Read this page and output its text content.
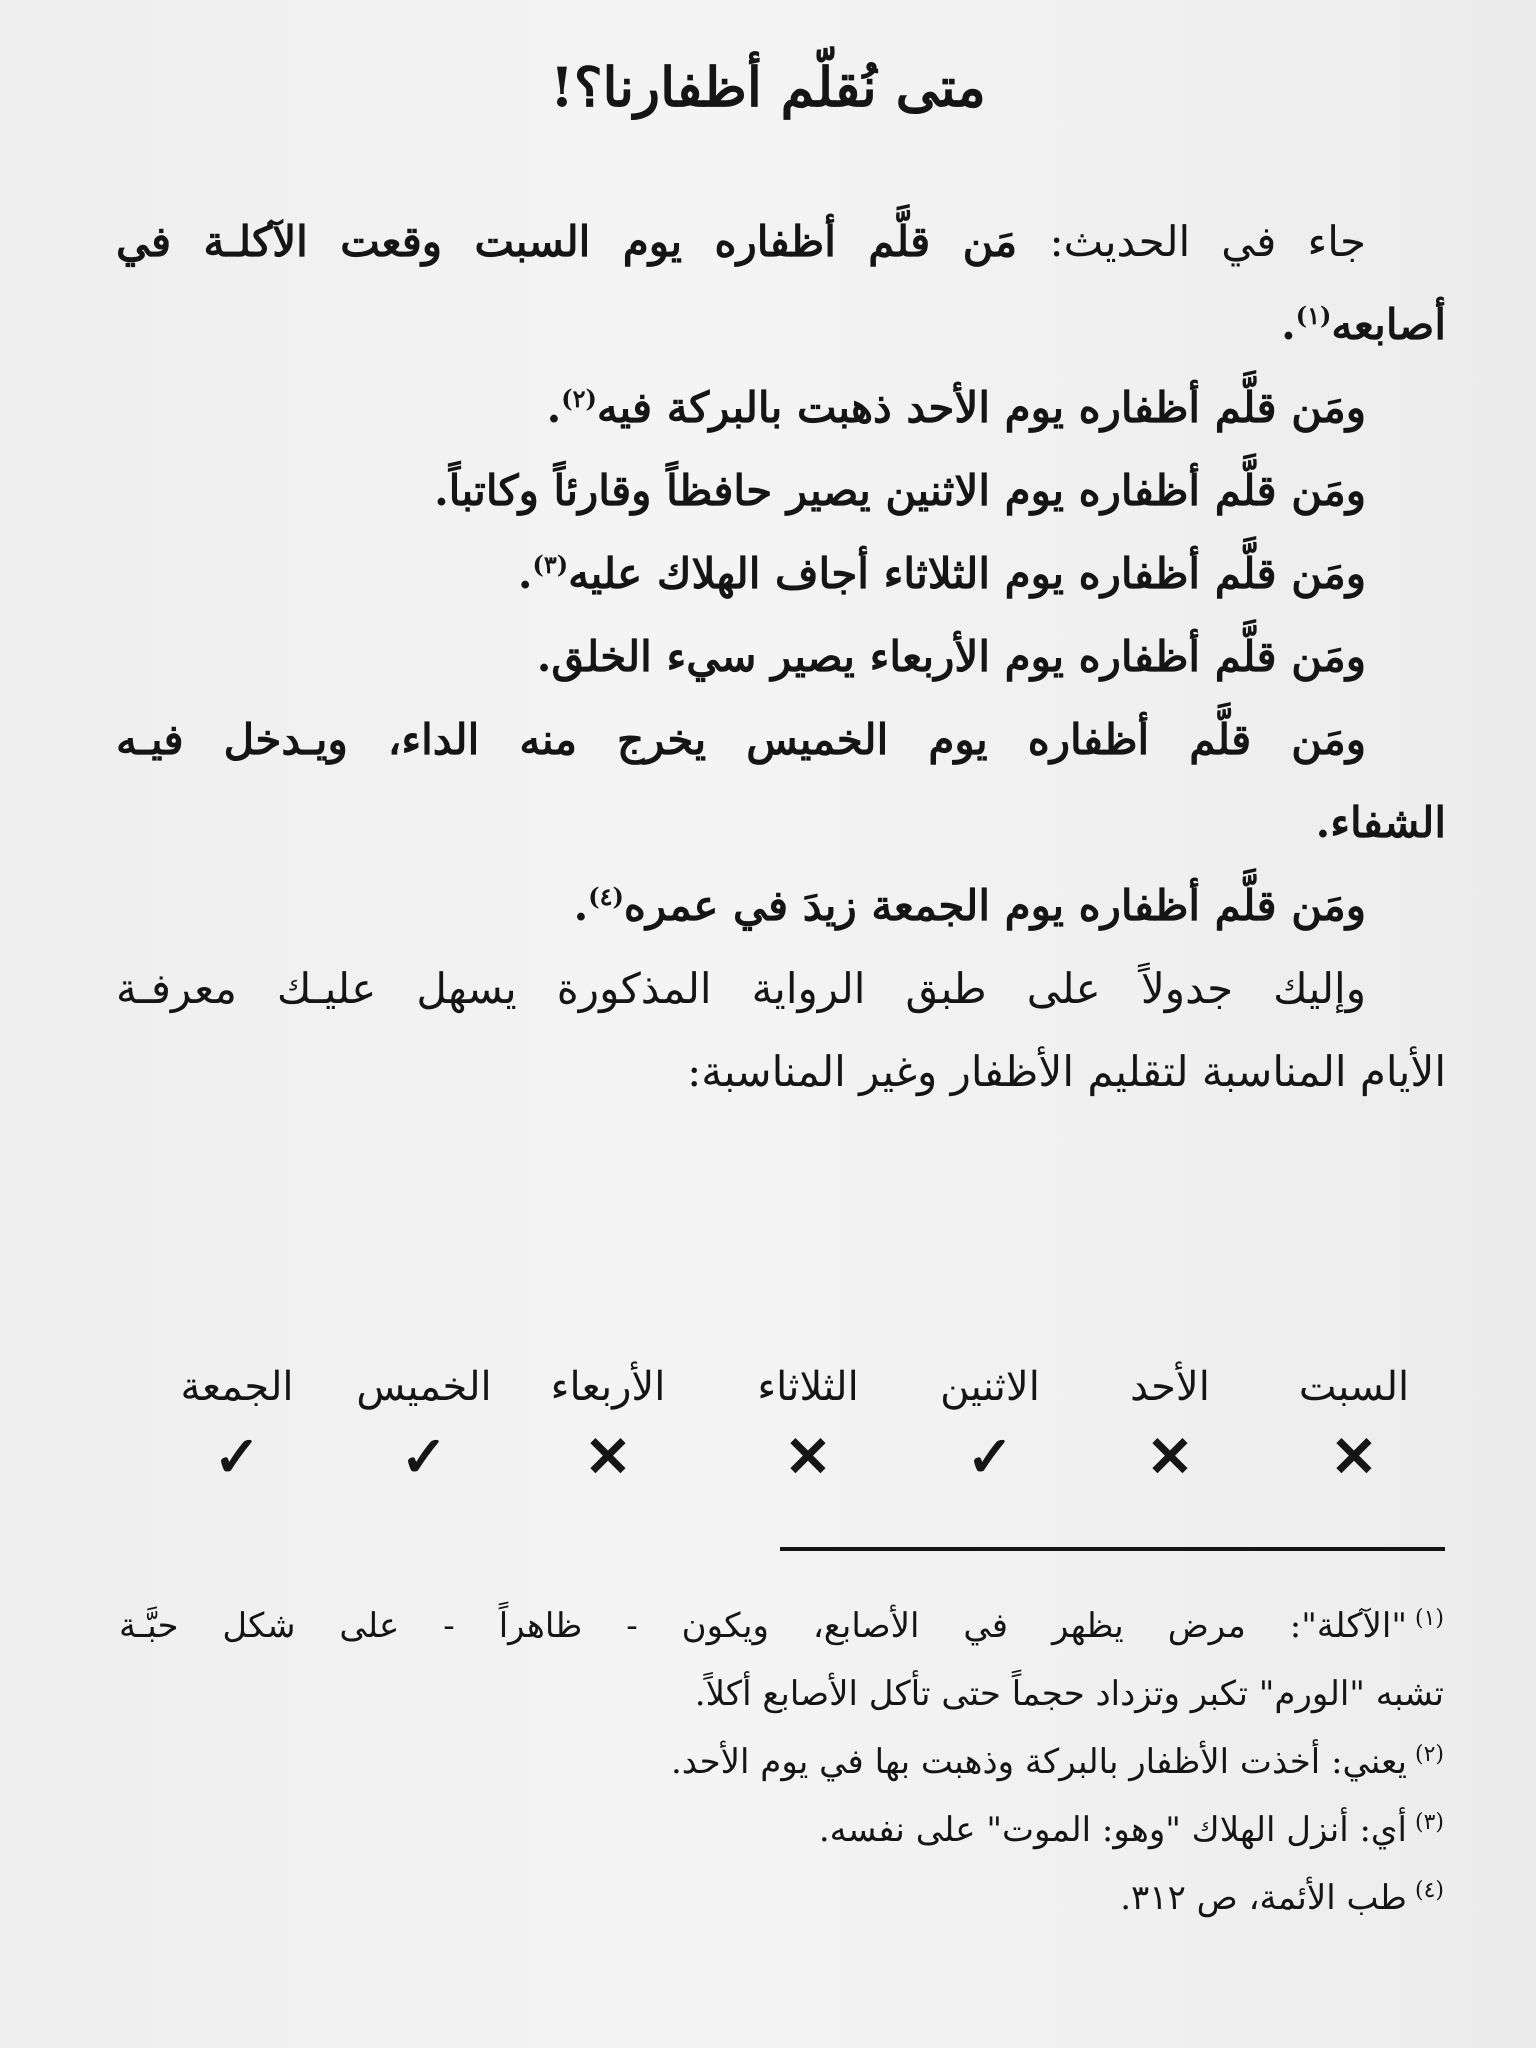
متى نُقلّم أظفارنا؟!

جاء في الحديث: مَن قلَّم أظفاره يوم السبت وقعت الآكلـة في

أصابعه$^{(١)}$.

ومَن قلَّم أظفاره يوم الأحد ذهبت بالبركة فيه$^{(٢)}$.

ومَن قلَّم أظفاره يوم الاثنين يصير حافظاً وقارئاً وكاتباً.

ومَن قلَّم أظفاره يوم الثلاثاء أجاف الهلاك عليه$^{(٣)}$.

ومَن قلَّم أظفاره يوم الأربعاء يصير سيء الخلق.

ومَن قلَّم أظفاره يوم الخميس يخرج منه الداء، ويـدخل فيـه

الشفاء.

ومَن قلَّم أظفاره يوم الجمعة زيدَ في عمره$^{(٤)}$.

وإليك جدولاً على طبق الرواية المذكورة يسهل عليـك معرفـة

الأيام المناسبة لتقليم الأظفار وغير المناسبة:

السبت
✕
الأحد
✕
الاثنين
✓
الثلاثاء
✕
الأربعاء
✕
الخميس
✓
الجمعة
✓

$^{(١)}$"الآكلة": مرض يظهر في الأصابع، ويكون - ظاهراً - على شكل حبَّـة

تشبه "الورم" تكبر وتزداد حجماً حتى تأكل الأصابع أكلاً.

$^{(٢)}$يعني: أخذت الأظفار بالبركة وذهبت بها في يوم الأحد.

$^{(٣)}$أي: أنزل الهلاك "وهو: الموت" على نفسه.

$^{(٤)}$طب الأئمة، ص ٣١٢.
